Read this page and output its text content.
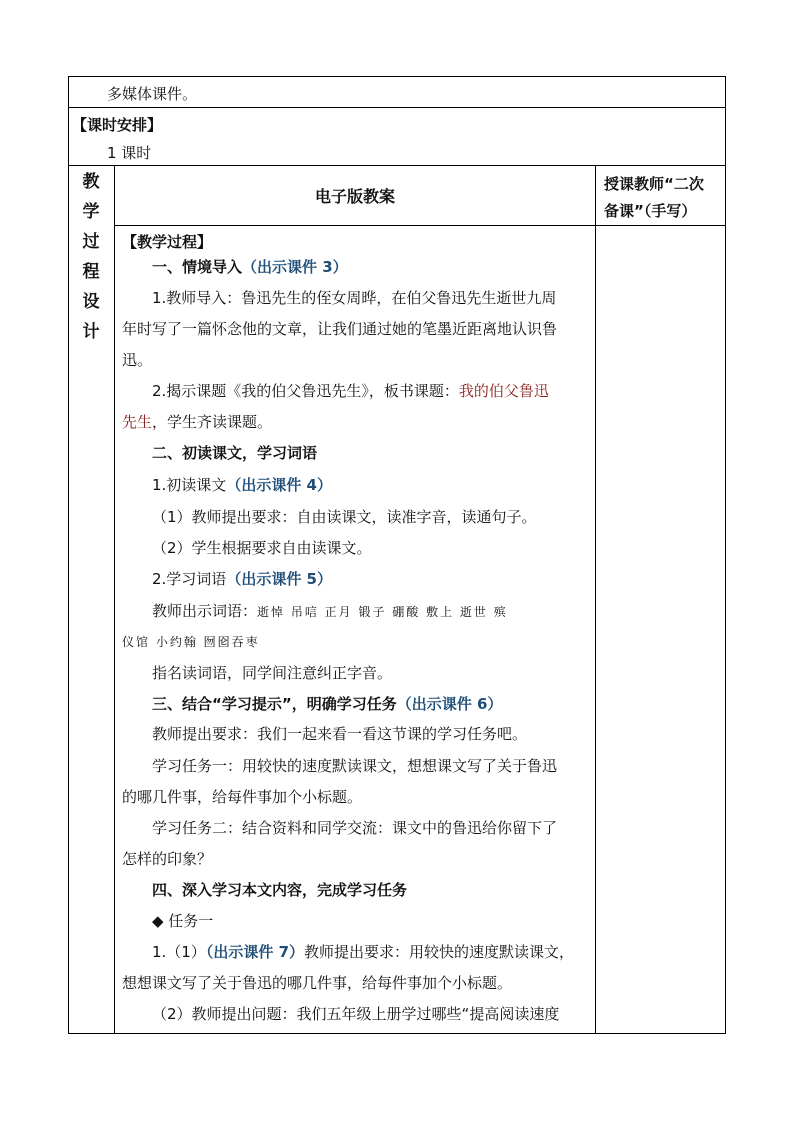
多媒体课件。
【课时安排】
1 课时
教
学
过
程
设
计
电子版教案
授课教师“二次
备课”（手写）
【教学过程】
一、情境导入（出示课件 3）
1.教师导入：鲁迅先生的侄女周晔，在伯父鲁迅先生逝世九周
年时写了一篇怀念他的文章，让我们通过她的笔墨近距离地认识鲁
迅。
2.揭示课题《我的伯父鲁迅先生》，板书课题：我的伯父鲁迅
先生，学生齐读课题。
二、初读课文，学习词语
1.初读课文（出示课件 4）
（1）教师提出要求：自由读课文，读准字音，读通句子。
（2）学生根据要求自由读课文。
2.学习词语（出示课件 5）
教师出示词语：逝悼 吊唁 正月 锻子 硼酸 敷上 逝世 殡
仪馆 小约翰 囫囵吞枣
指名读词语，同学间注意纠正字音。
三、结合“学习提示”，明确学习任务（出示课件 6）
教师提出要求：我们一起来看一看这节课的学习任务吧。
学习任务一：用较快的速度默读课文，想想课文写了关于鲁迅
的哪几件事，给每件事加个小标题。
学习任务二：结合资料和同学交流：课文中的鲁迅给你留下了
怎样的印象？
四、深入学习本文内容，完成学习任务
◆ 任务一
1.（1）（出示课件 7）教师提出要求：用较快的速度默读课文，
想想课文写了关于鲁迅的哪几件事，给每件事加个小标题。
（2）教师提出问题：我们五年级上册学过哪些“提高阅读速度
